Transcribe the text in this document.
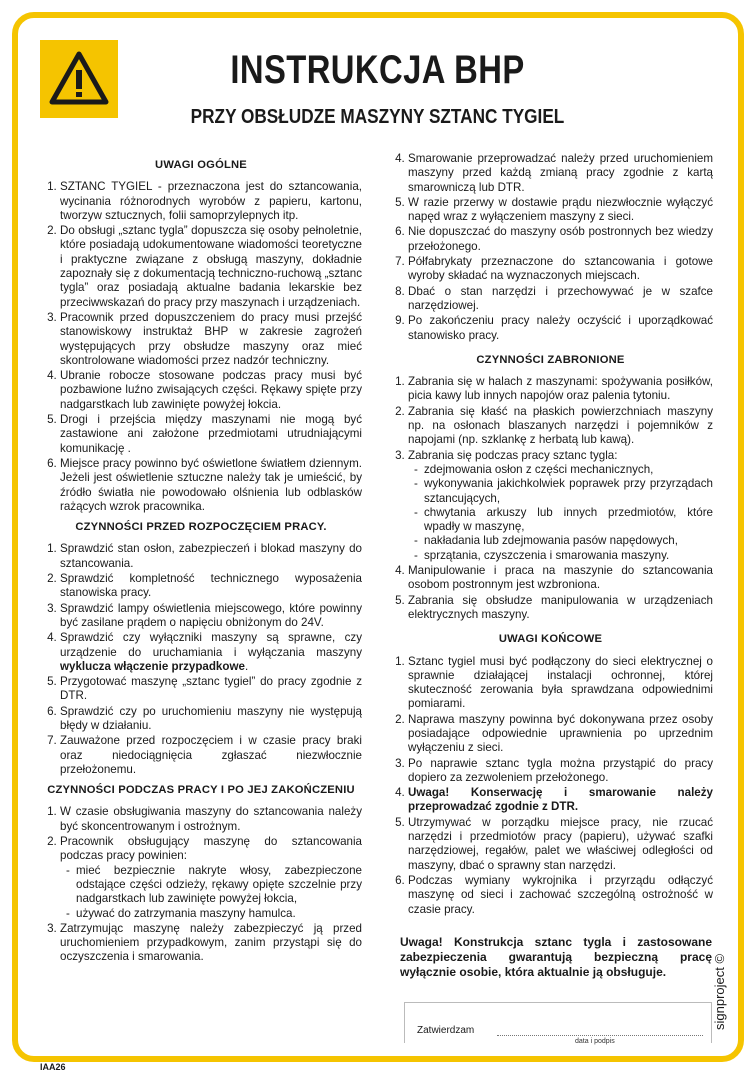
INSTRUKCJA BHP
PRZY OBSŁUDZE MASZYNY SZTANC TYGIEL
UWAGI OGÓLNE
1. SZTANC TYGIEL - przeznaczona jest do sztancowania, wycinania różnorodnych wyrobów z papieru, kartonu, tworzyw sztucznych, folii samoprzylepnych itp.
2. Do obsługi „sztanc tygla” dopuszcza się osoby pełnoletnie, które posiadają udokumentowane wiadomości teoretyczne i praktyczne związane z obsługą maszyny, dokładnie zapoznały się z dokumentacją techniczno-ruchową „sztanc tygla” oraz posiadają aktualne badania lekarskie bez przeciwwskazań do pracy przy maszynach i urządzeniach.
3. Pracownik przed dopuszczeniem do pracy musi przejść stanowiskowy instruktaż BHP w zakresie zagrożeń występujących przy obsłudze maszyny oraz mieć skontrolowane wiadomości przez nadzór techniczny.
4. Ubranie robocze stosowane podczas pracy musi być pozbawione luźno zwisających części. Rękawy spięte przy nadgarstkach lub zawinięte powyżej łokcia.
5. Drogi i przejścia między maszynami nie mogą być zastawione ani założone przedmiotami utrudniającymi komunikację .
6. Miejsce pracy powinno być oświetlone światłem dziennym. Jeżeli jest oświetlenie sztuczne należy tak je umieścić, by źródło światła nie powodowało olśnienia lub odblasków rażących wzrok pracownika.
CZYNNOŚCI PRZED ROZPOCZĘCIEM PRACY.
1. Sprawdzić stan osłon, zabezpieczeń i blokad maszyny do sztancowania.
2. Sprawdzić kompletność technicznego wyposażenia stanowiska pracy.
3. Sprawdzić lampy oświetlenia miejscowego, które powinny być zasilane prądem o napięciu obniżonym do 24V.
4. Sprawdzić czy wyłączniki maszyny są sprawne, czy urządzenie do uruchamiania i wyłączania maszyny wyklucza włączenie przypadkowe.
5. Przygotować maszynę „sztanc tygiel” do pracy zgodnie z DTR.
6. Sprawdzić czy po uruchomieniu maszyny nie występują błędy w działaniu.
7. Zauważone przed rozpoczęciem i w czasie pracy braki oraz niedociągnięcia zgłaszać niezwłocznie przełożonemu.
CZYNNOŚCI PODCZAS PRACY I PO JEJ ZAKOŃCZENIU
1. W czasie obsługiwania maszyny do sztancowania należy być skoncentrowanym i ostrożnym.
2. Pracownik obsługujący maszynę do sztancowania podczas pracy powinien:
- mieć bezpiecznie nakryte włosy, zabezpieczone odstające części odzieży, rękawy opięte szczelnie przy nadgarstkach lub zawinięte powyżej łokcia,
- używać do zatrzymania maszyny hamulca.
3. Zatrzymując maszynę należy zabezpieczyć ją przed uruchomieniem przypadkowym, zanim przystąpi się do oczyszczenia i smarowania.
4. Smarowanie przeprowadzać należy przed uruchomieniem maszyny przed każdą zmianą pracy zgodnie z kartą smarowniczą lub DTR.
5. W razie przerwy w dostawie prądu niezwłocznie wyłączyć napęd wraz z wyłączeniem maszyny z sieci.
6. Nie dopuszczać do maszyny osób postronnych bez wiedzy przełożonego.
7. Półfabrykaty przeznaczone do sztancowania i gotowe wyroby składać na wyznaczonych miejscach.
8. Dbać o stan narzędzi i przechowywać je w szafce narzędziowej.
9. Po zakończeniu pracy należy oczyścić i uporządkować stanowisko pracy.
CZYNNOŚCI ZABRONIONE
1. Zabrania się w halach z maszynami: spożywania posiłków, picia kawy lub innych napojów oraz palenia tytoniu.
2. Zabrania się kłaść na płaskich powierzchniach maszyny np. na osłonach blaszanych narzędzi i pojemników z napojami (np. szklankę z herbatą lub kawą).
3. Zabrania się podczas pracy sztanc tygla:
- zdejmowania osłon z części mechanicznych,
- wykonywania jakichkolwiek poprawek przy przyrządach sztancujących,
- chwytania arkuszy lub innych przedmiotów, które wpadły w maszynę,
- nakładania lub zdejmowania pasów napędowych,
- sprzątania, czyszczenia i smarowania maszyny.
4. Manipulowanie i praca na maszynie do sztancowania osobom postronnym jest wzbroniona.
5. Zabrania się obsłudze manipulowania w urządzeniach elektrycznych maszyny.
UWAGI KOŃCOWE
1. Sztanc tygiel musi być podłączony do sieci elektrycznej o sprawnie działającej instalacji ochronnej, której skuteczność zerowania była sprawdzana odpowiednimi pomiarami.
2. Naprawa maszyny powinna być dokonywana przez osoby posiadające odpowiednie uprawnienia po uprzednim wyłączeniu z sieci.
3. Po naprawie sztanc tygla można przystąpić do pracy dopiero za zezwoleniem przełożonego.
4. Uwaga! Konserwację i smarowanie należy przeprowadzać zgodnie z DTR.
5. Utrzymywać w porządku miejsce pracy, nie rzucać narzędzi i przedmiotów pracy (papieru), używać szafki narzędziowej, regałów, palet we właściwej odległości od maszyny, dbać o sprawny stan narzędzi.
6. Podczas wymiany wykrojnika i przyrządu odłączyć maszynę od sieci i zachować szczególną ostrożność w czasie pracy.
Uwaga! Konstrukcja sztanc tygla i zastosowane zabezpieczenia gwarantują bezpieczną pracę wyłącznie osobie, która aktualnie ją obsługuje.
Zatwierdzam
data i podpis
signproject ©
IAA26
